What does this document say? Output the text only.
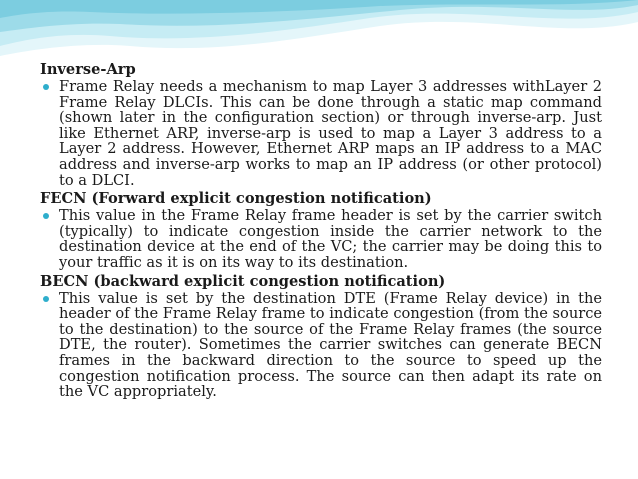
Inverse-Arp
Frame Relay needs a mechanism to map Layer 3 addresses withLayer 2 Frame Relay DLCIs. This can be done through a static map command (shown later in the configuration section) or through inverse-arp. Just like Ethernet ARP, inverse-arp is used to map a Layer 3 address to a Layer 2 address. However, Ethernet ARP maps an IP address to a MAC address and inverse-arp works to map an IP address (or other protocol) to a DLCI.
FECN (Forward explicit congestion notification)
This value in the Frame Relay frame header is set by the carrier switch (typically) to indicate congestion inside the carrier network to the destination device at the end of the VC; the carrier may be doing this to your traffic as it is on its way to its destination.
BECN (backward explicit congestion notification)
This value is set by the destination DTE (Frame Relay device) in the header of the Frame Relay frame to indicate congestion (from the source to the destination) to the source of the Frame Relay frames (the source DTE, the router). Sometimes the carrier switches can generate BECN frames in the backward direction to the source to speed up the congestion notification process. The source can then adapt its rate on the VC appropriately.
